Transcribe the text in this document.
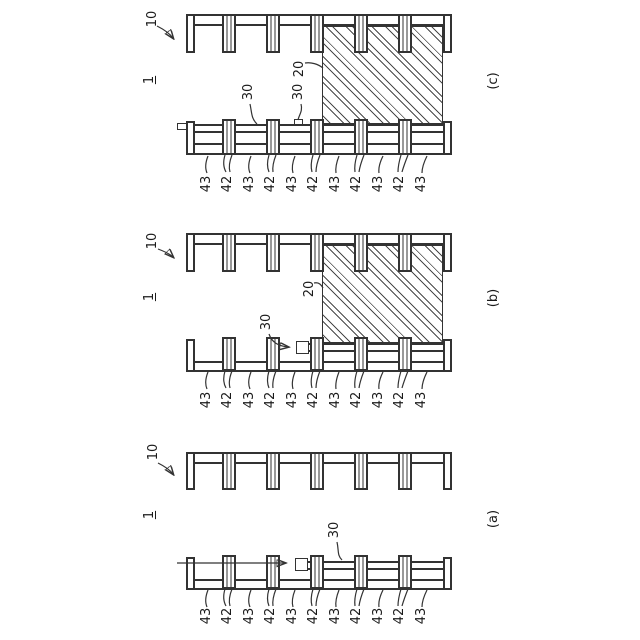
10
1
20
30	30
(c)
43 42 43 42 43 42 43 42 43 42 43
10
1	20
30
(b)
43 42 43 42 43 42 43 42 43 42 43
10
1
30
(a)
43 42 43 42 43 42 43 42 43 42 43
